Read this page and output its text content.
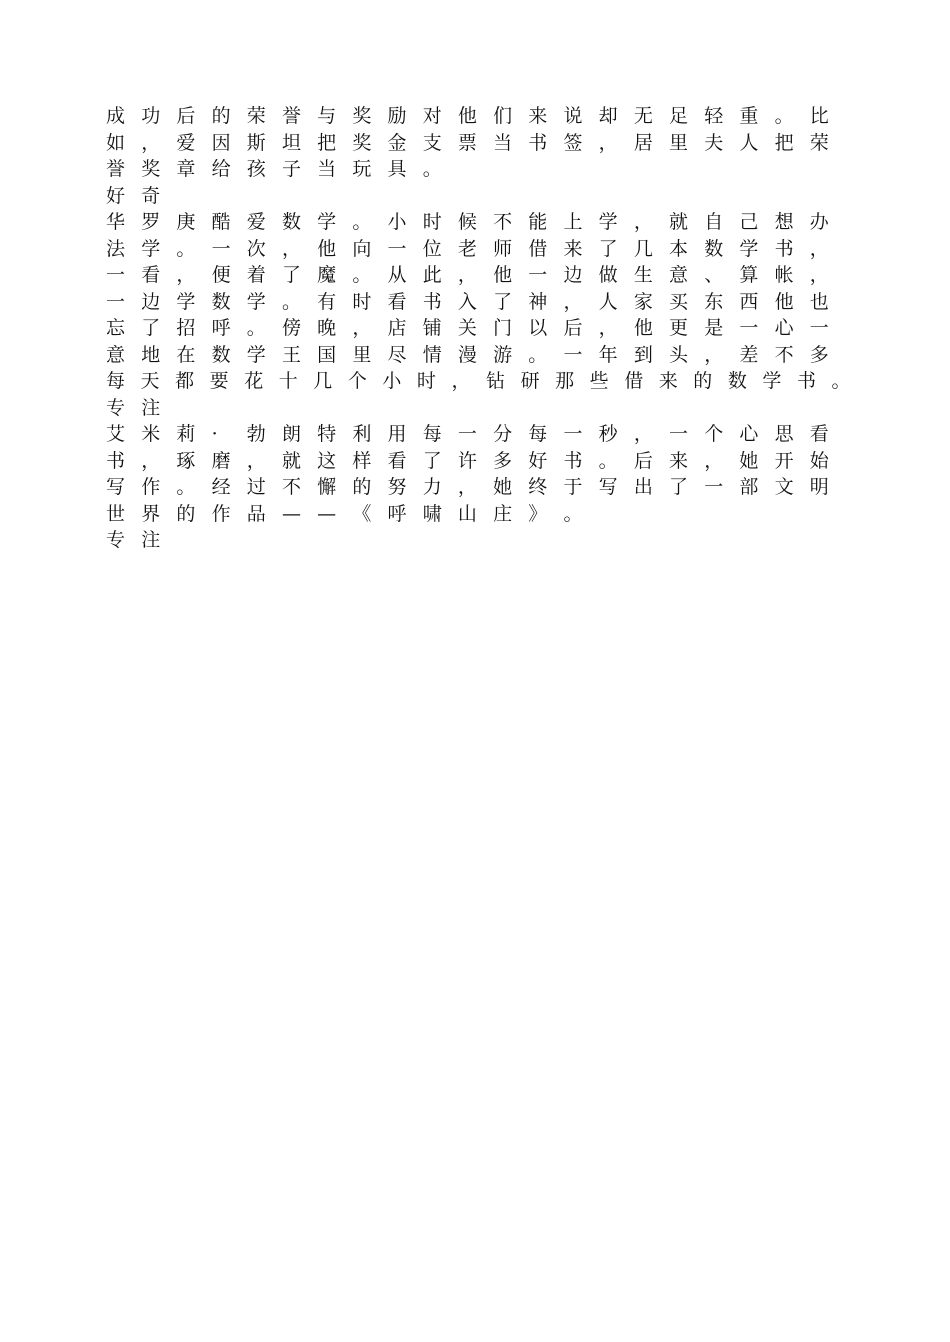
成 功 后 的 荣 誉 与 奖 励 对 他 们 来 说 却 无 足 轻 重 。 比
如 ， 爱 因 斯 坦 把 奖 金 支 票 当 书 签 ， 居 里 夫 人 把 荣
誉 奖 章 给 孩 子 当 玩 具 。
好 奇
华 罗 庚 酷 爱 数 学 。 小 时 候 不 能 上 学 ， 就 自 己 想 办
法 学 。 一 次 ， 他 向 一 位 老 师 借 来 了 几 本 数 学 书 ，
一 看 ， 便 着 了 魔 。 从 此 ， 他 一 边 做 生 意 、 算 帐 ，
一 边 学 数 学 。 有 时 看 书 入 了 神 ， 人 家 买 东 西 他 也
忘 了 招 呼 。 傍 晚 ， 店 铺 关 门 以 后 ， 他 更 是 一 心 一
意 地 在 数 学 王 国 里 尽 情 漫 游 。 一 年 到 头 ， 差 不 多
每 天 都 要 花 十 几 个 小 时 ， 钻 研 那 些 借 来 的 数 学 书 。
专 注
艾 米 莉 ·	勃 朗 特 利 用 每 一 分 每 一 秒 ， 一 个 心 思 看
书 ， 琢 磨 ， 就 这 样 看 了 许 多 好 书 。 后 来 ， 她 开 始
写 作 。 经 过 不 懈 的 努 力 ， 她 终 于 写 出 了 一 部 文 明
世 界 的 作 品 — — 《 呼 啸 山 庄 》 。
专 注
